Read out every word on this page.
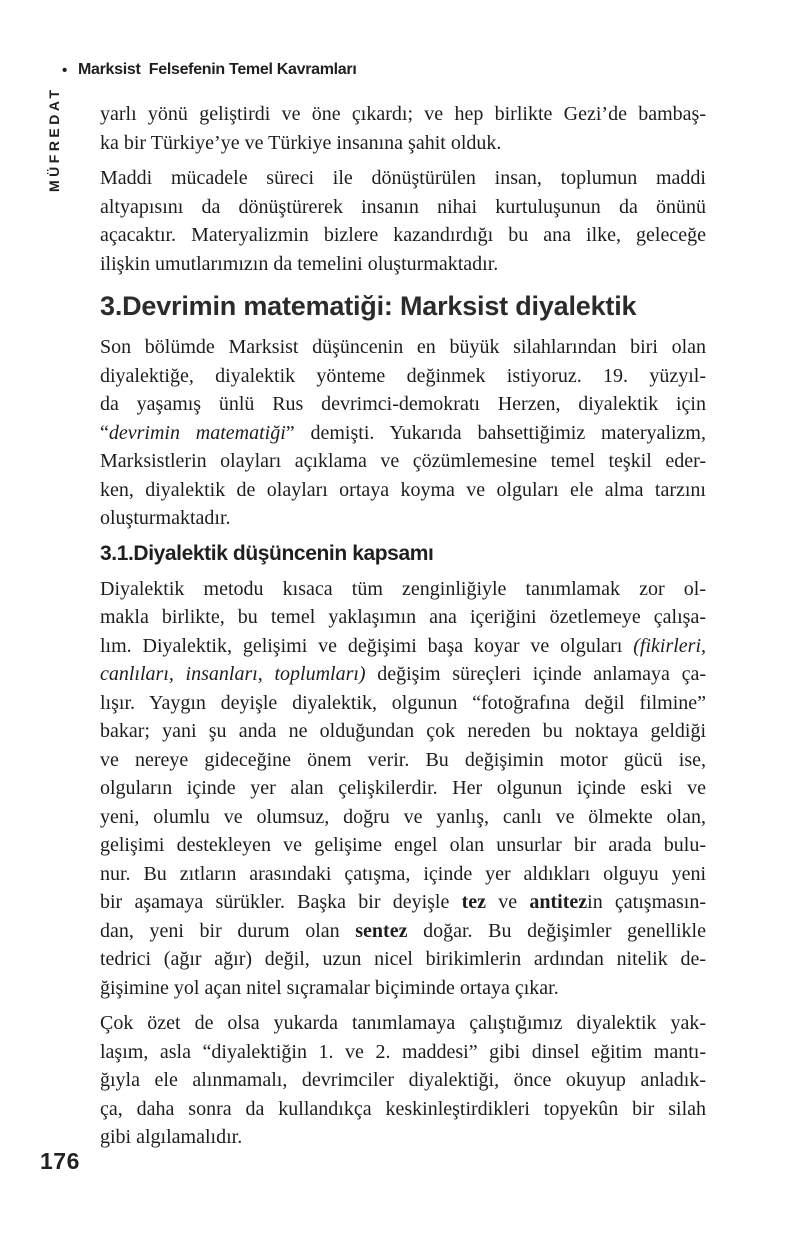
• Marksist  Felsefenin Temel Kavramları
MÜFREDAT yarlı yönü geliştirdi ve öne çıkardı; ve hep birlikte Gezi’de bambaş-
ka bir Türkiye’ye ve Türkiye insanına şahit olduk.
Maddi mücadele süreci ile dönüştürülen insan, toplumun maddi
altyapısını da dönüştürerek insanın nihai kurtuluşunun da önünü
açacaktır. Materyalizmin bizlere kazandırdığı bu ana ilke, geleceğe
ilişkin umutlarımızın da temelini oluşturmaktadır.
3.Devrimin matematiği: Marksist diyalektik
Son bölümde Marksist düşüncenin en büyük silahlarından biri olan
diyalektiğe, diyalektik yönteme değinmek istiyoruz. 19. yüzyıl-
da yaşamış ünlü Rus devrimci-demokratı Herzen, diyalektik için
“devrimin matematiği” demişti. Yukarıda bahsettiğimiz materyalizm,
Marksistlerin olayları açıklama ve çözümlemesine temel teşkil eder-
ken, diyalektik de olayları ortaya koyma ve olguları ele alma tarzını
oluşturmaktadır.
3.1.Diyalektik düşüncenin kapsamı
Diyalektik metodu kısaca tüm zenginliğiyle tanımlamak zor ol-
makla birlikte, bu temel yaklaşımın ana içeriğini özetlemeye çalışa-
lım. Diyalektik, gelişimi ve değişimi başa koyar ve olguları (fikirleri,
canlıları, insanları, toplumları) değişim süreçleri içinde anlamaya ça-
lışır. Yaygın deyişle diyalektik, olgunun “fotoğrafına değil filmine”
bakar; yani şu anda ne olduğundan çok nereden bu noktaya geldiği
ve nereye gideceğine önem verir. Bu değişimin motor gücü ise,
olguların içinde yer alan çelişkilerdir. Her olgunun içinde eski ve
yeni, olumlu ve olumsuz, doğru ve yanlış, canlı ve ölmekte olan,
gelişimi destekleyen ve gelişime engel olan unsurlar bir arada bulu-
nur. Bu zıtların arasındaki çatışma, içinde yer aldıkları olguyu yeni
bir aşamaya sürükler. Başka bir deyişle tez ve antitezin çatışmasın-
dan, yeni bir durum olan sentez doğar. Bu değişimler genellikle
tedrici (ağır ağır) değil, uzun nicel birikimlerin ardından nitelik de-
ğişimine yol açan nitel sıçramalar biçiminde ortaya çıkar.
Çok özet de olsa yukarda tanımlamaya çalıştığımız diyalektik yak-
laşım, asla “diyalektiğin 1. ve 2. maddesi” gibi dinsel eğitim mantı-
ğıyla ele alınmamalı, devrimciler diyalektiği, önce okuyup anladık-
ça, daha sonra da kullandıkça keskinleştirdikleri topyekûn bir silah
gibi algılamalıdır.
176
